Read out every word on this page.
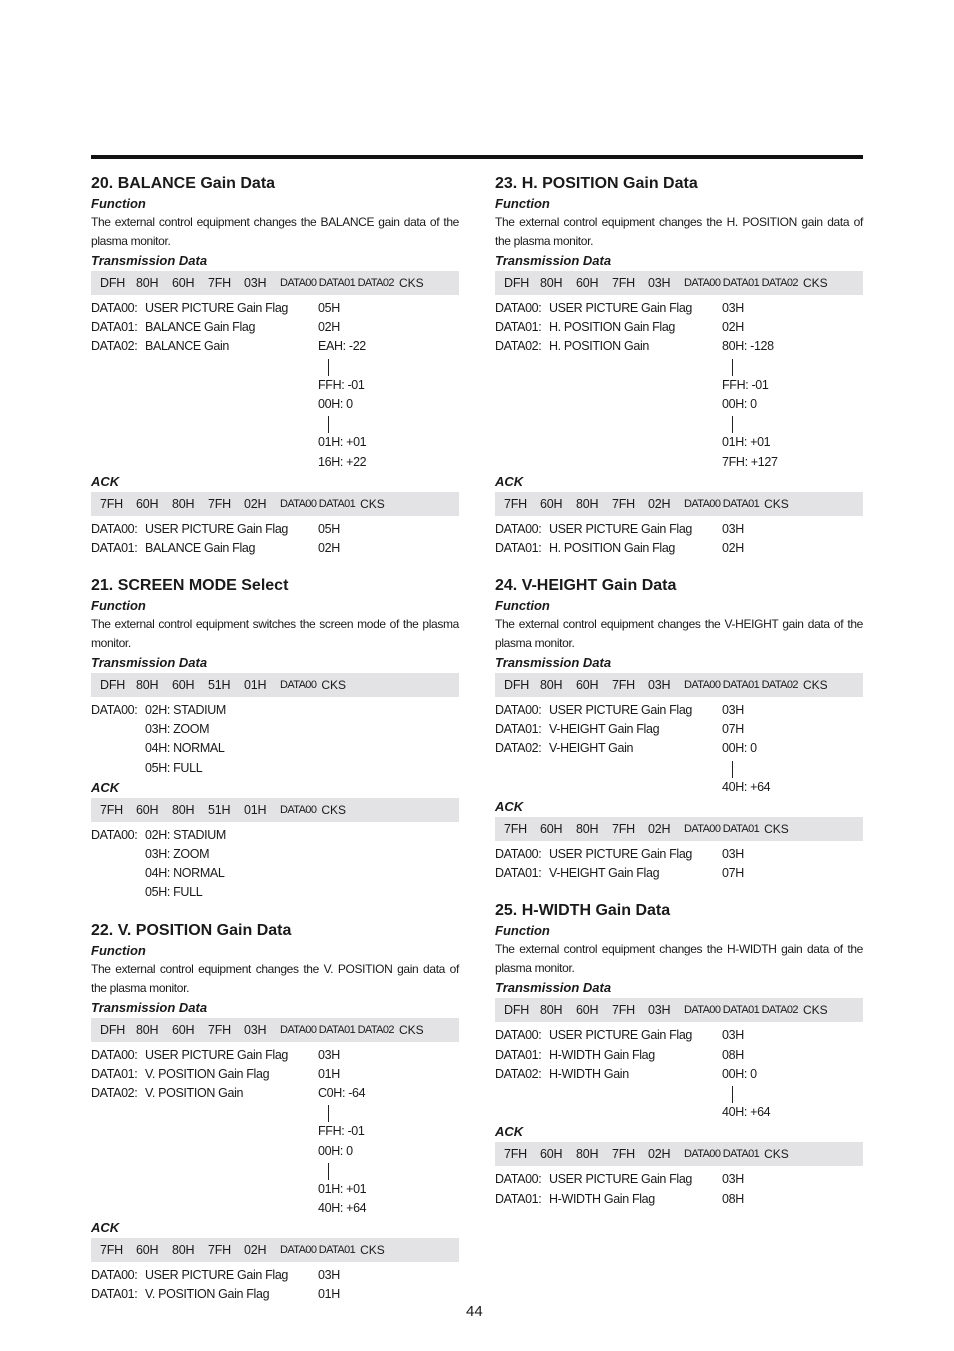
20. BALANCE Gain Data
Function
The external control equipment changes the BALANCE gain data of the plasma monitor.
Transmission Data
DFH 80H	60H	7FH	03H	DATA00 DATA01 DATA02 CKS
DATA00: USER PICTURE Gain Flag 05H
DATA01: BALANCE Gain Flag	02H
DATA02: BALANCE Gain	EAH: -22
FFH: -01
00H: 0
01H: +01
16H: +22
ACK
7FH	60H	80H	7FH	02H	DATA00 DATA01 CKS
DATA00: USER PICTURE Gain Flag 05H
DATA01: BALANCE Gain Flag	02H
21. SCREEN MODE Select
Function
The external control equipment switches the screen mode of the plasma monitor.
Transmission Data
DFH 80H	60H	51H	01H	DATA00 CKS
DATA00: 02H: STADIUM
03H: ZOOM
04H: NORMAL
05H: FULL
ACK
7FH	60H	80H	51H	01H	DATA00 CKS
DATA00: 02H: STADIUM
03H: ZOOM
04H: NORMAL
05H: FULL
22. V. POSITION Gain Data
Function
The external control equipment changes the V. POSITION gain data of the plasma monitor.
Transmission Data
DFH 80H	60H	7FH	03H	DATA00 DATA01 DATA02 CKS
DATA00: USER PICTURE Gain Flag 03H
DATA01: V. POSITION Gain Flag	01H
DATA02: V. POSITION Gain	C0H: -64
FFH: -01
00H: 0
01H: +01
40H: +64
ACK
7FH	60H	80H	7FH	02H	DATA00 DATA01 CKS
DATA00: USER PICTURE Gain Flag 03H
DATA01: V. POSITION Gain Flag	01H
23. H. POSITION Gain Data
Function
The external control equipment changes the H. POSITION gain data of the plasma monitor.
Transmission Data
DFH 80H	60H	7FH	03H	DATA00 DATA01 DATA02 CKS
DATA00: USER PICTURE Gain Flag 03H
DATA01: H. POSITION Gain Flag	02H
DATA02: H. POSITION Gain	80H: -128
FFH: -01
00H: 0
01H: +01
7FH: +127
ACK
7FH	60H	80H	7FH	02H	DATA00 DATA01 CKS
DATA00: USER PICTURE Gain Flag 03H
DATA01: H. POSITION Gain Flag	02H
24. V-HEIGHT Gain Data
Function
The external control equipment changes the V-HEIGHT gain data of the plasma monitor.
Transmission Data
DFH 80H	60H	7FH	03H	DATA00 DATA01 DATA02 CKS
DATA00: USER PICTURE Gain Flag 03H
DATA01: V-HEIGHT Gain Flag	07H
DATA02: V-HEIGHT Gain	00H: 0
40H: +64
ACK
7FH	60H	80H	7FH	02H	DATA00 DATA01 CKS
DATA00: USER PICTURE Gain Flag 03H
DATA01: V-HEIGHT Gain Flag	07H
25. H-WIDTH Gain Data
Function
The external control equipment changes the H-WIDTH gain data of the plasma monitor.
Transmission Data
DFH 80H	60H	7FH	03H	DATA00 DATA01 DATA02 CKS
DATA00: USER PICTURE Gain Flag 03H
DATA01: H-WIDTH Gain Flag	08H
DATA02: H-WIDTH Gain	00H: 0
40H: +64
ACK
7FH	60H	80H	7FH	02H	DATA00 DATA01 CKS
DATA00: USER PICTURE Gain Flag 03H
DATA01: H-WIDTH Gain Flag	08H
44
